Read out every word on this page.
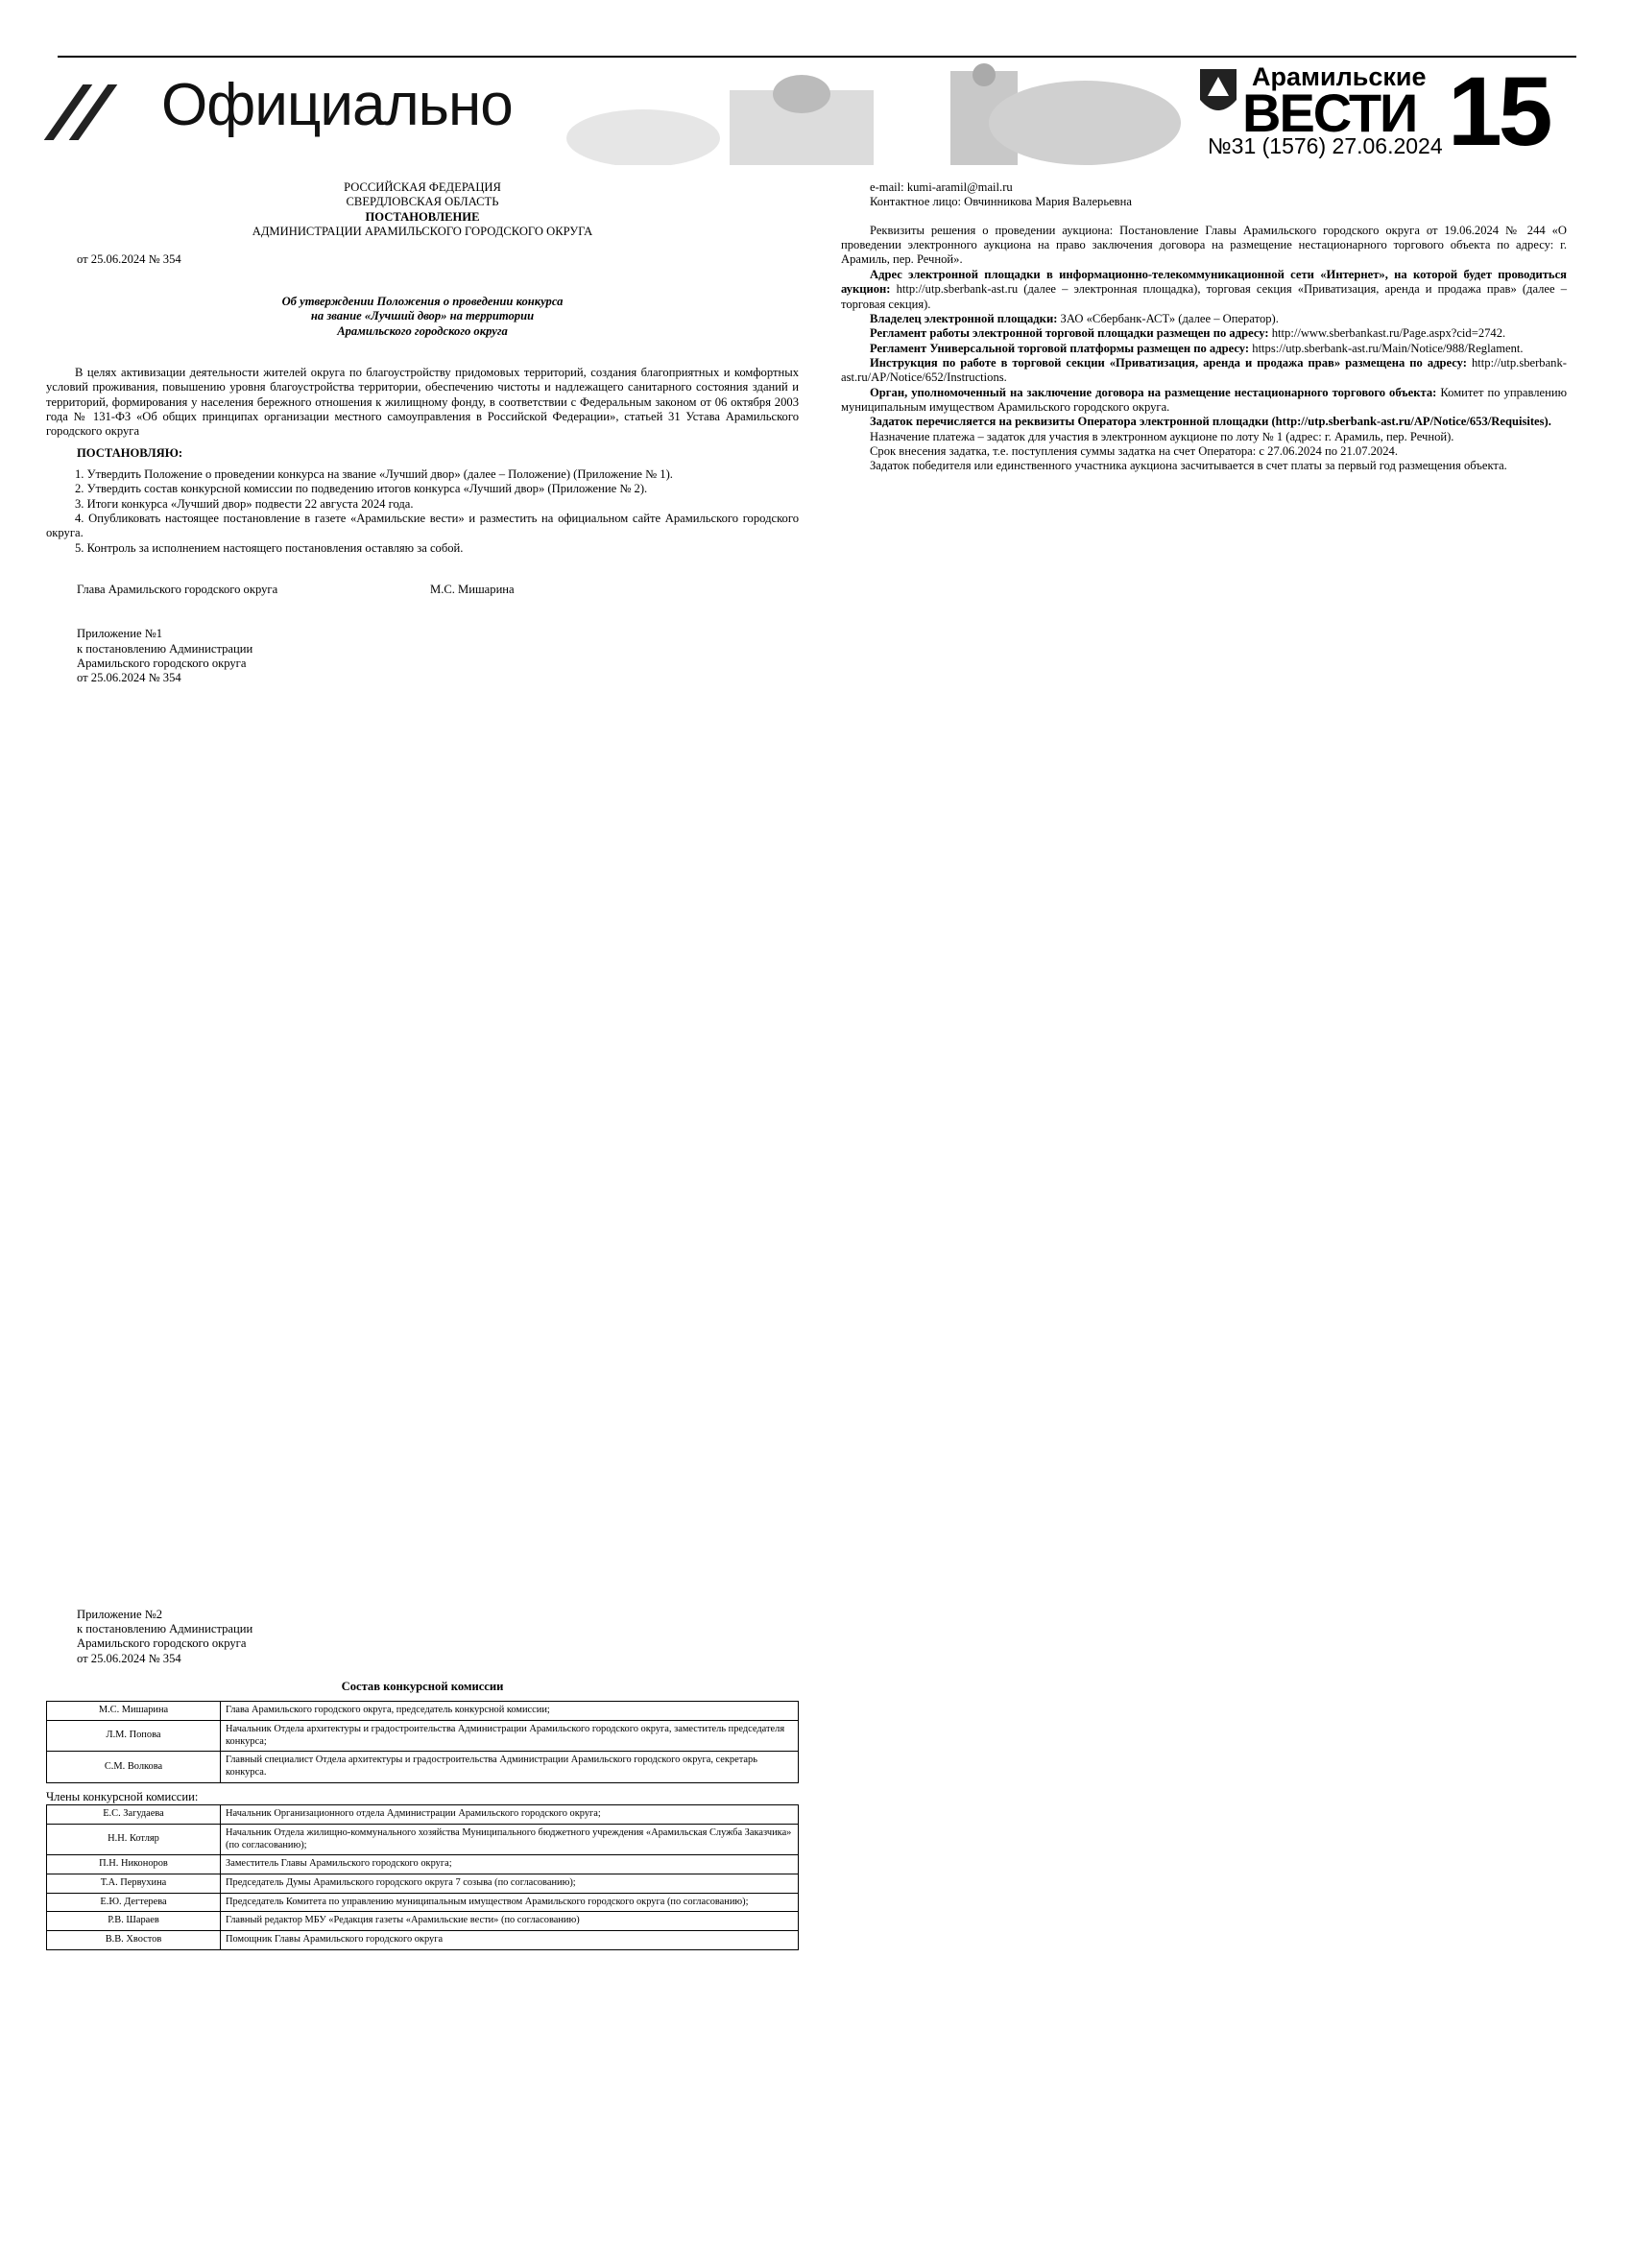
Официально	Арамильские
ВЕСТИ
№31 (1576) 27.06.2024 15

РОССИЙСКАЯ ФЕДЕРАЦИЯ

СВЕРДЛОВСКАЯ ОБЛАСТЬ

ПОСТАНОВЛЕНИЕ

АДМИНИСТРАЦИИ АРАМИЛЬСКОГО ГОРОДСКОГО ОКРУГА

от 25.06.2024 № 354

Об утверждении Положения о проведении конкурса

на звание «Лучший двор» на территории

Арамильского городского округа

В целях активизации деятельности жителей округа по благоустройству придомовых территорий, создания благоприятных и комфортных условий проживания, повышению уровня благоустройства территории, обеспечению чистоты и надлежащего санитарного состояния зданий и территорий, формирования у населения бережного отношения к жилищному фонду, в соответствии с Федеральным законом от 06 октября 2003 года № 131-ФЗ «Об общих принципах организации местного самоуправления в Российской Федерации», статьей 31 Устава Арамильского городского округа

ПОСТАНОВЛЯЮ:

1. Утвердить Положение о проведении конкурса на звание «Лучший двор» (далее – Положение) (Приложение № 1).

2. Утвердить состав конкурсной комиссии по подведению итогов конкурса «Лучший двор» (Приложение № 2).

3. Итоги конкурса «Лучший двор» подвести 22 августа 2024 года.

4. Опубликовать настоящее постановление в газете «Арамильские вести» и разместить на официальном сайте Арамильского городского округа.

5. Контроль за исполнением настоящего постановления оставляю за собой.

Глава Арамильского городского округа	М.С. Мишарина

Приложение №1

к постановлению Администрации

Арамильского городского округа

от 25.06.2024 № 354

Приложение №2

к постановлению Администрации

Арамильского городского округа

от 25.06.2024 № 354

Состав конкурсной комиссии

М.С. Мишарина	Глава Арамильского городского округа, председатель конкурсной комиссии;
Л.М. Попова	Начальник Отдела архитектуры и градостроительства Администрации Арамильского городского округа, заместитель председателя конкурса;
С.М. Волкова	Главный специалист Отдела архитектуры и градостроительства Администрации Арамильского городского округа, секретарь конкурса.

Члены конкурсной комиссии:

Е.С. Загудаева	Начальник Организационного отдела Администрации Арамильского городского округа;
Н.Н. Котляр	Начальник Отдела жилищно-коммунального хозяйства Муниципального бюджетного учреждения «Арамильская Служба Заказчика» (по согласованию);
П.Н. Никоноров	Заместитель Главы Арамильского городского округа;
Т.А. Первухина	Председатель Думы Арамильского городского округа 7 созыва (по согласованию);
Е.Ю. Дегтерева	Председатель Комитета по управлению муниципальным имуществом Арамильского городского округа (по согласованию);
Р.В. Шараев	Главный редактор МБУ «Редакция газеты «Арамильские вести» (по согласованию)
В.В. Хвостов	Помощник Главы Арамильского городского округа

e-mail: kumi-aramil@mail.ru

Контактное лицо: Овчинникова Мария Валерьевна

Реквизиты решения о проведении аукциона: Постановление Главы Арамильского городского округа от 19.06.2024 № 244 «О проведении электронного аукциона на право заключения договора на размещение нестационарного торгового объекта по адресу: г. Арамиль, пер. Речной».

Адрес электронной площадки в информационно-телекоммуникационной сети «Интернет», на которой будет проводиться аукцион: http://utp.sberbank-ast.ru (далее – электронная площадка), торговая секция «Приватизация, аренда и продажа прав» (далее – торговая секция).

Владелец электронной площадки: ЗАО «Сбербанк-АСТ» (далее – Оператор).

Регламент работы электронной торговой площадки размещен по адресу: http://www.sberbankast.ru/Page.aspx?cid=2742.

Регламент Универсальной торговой платформы размещен по адресу: https://utp.sberbank-ast.ru/Main/Notice/988/Reglament.

Инструкция по работе в торговой секции «Приватизация, аренда и продажа прав» размещена по адресу: http://utp.sberbank-ast.ru/AP/Notice/652/Instructions.

Орган, уполномоченный на заключение договора на размещение нестационарного торгового объекта: Комитет по управлению муниципальным имуществом Арамильского городского округа.

Задаток перечисляется на реквизиты Оператора электронной площадки (http://utp.sberbank-ast.ru/AP/Notice/653/Requisites).

Назначение платежа – задаток для участия в электронном аукционе по лоту № 1 (адрес: г. Арамиль, пер. Речной).

Срок внесения задатка, т.е. поступления суммы задатка на счет Оператора: с 27.06.2024 по 21.07.2024.

Задаток победителя или единственного участника аукциона засчитывается в счет платы за первый год размещения объекта.
